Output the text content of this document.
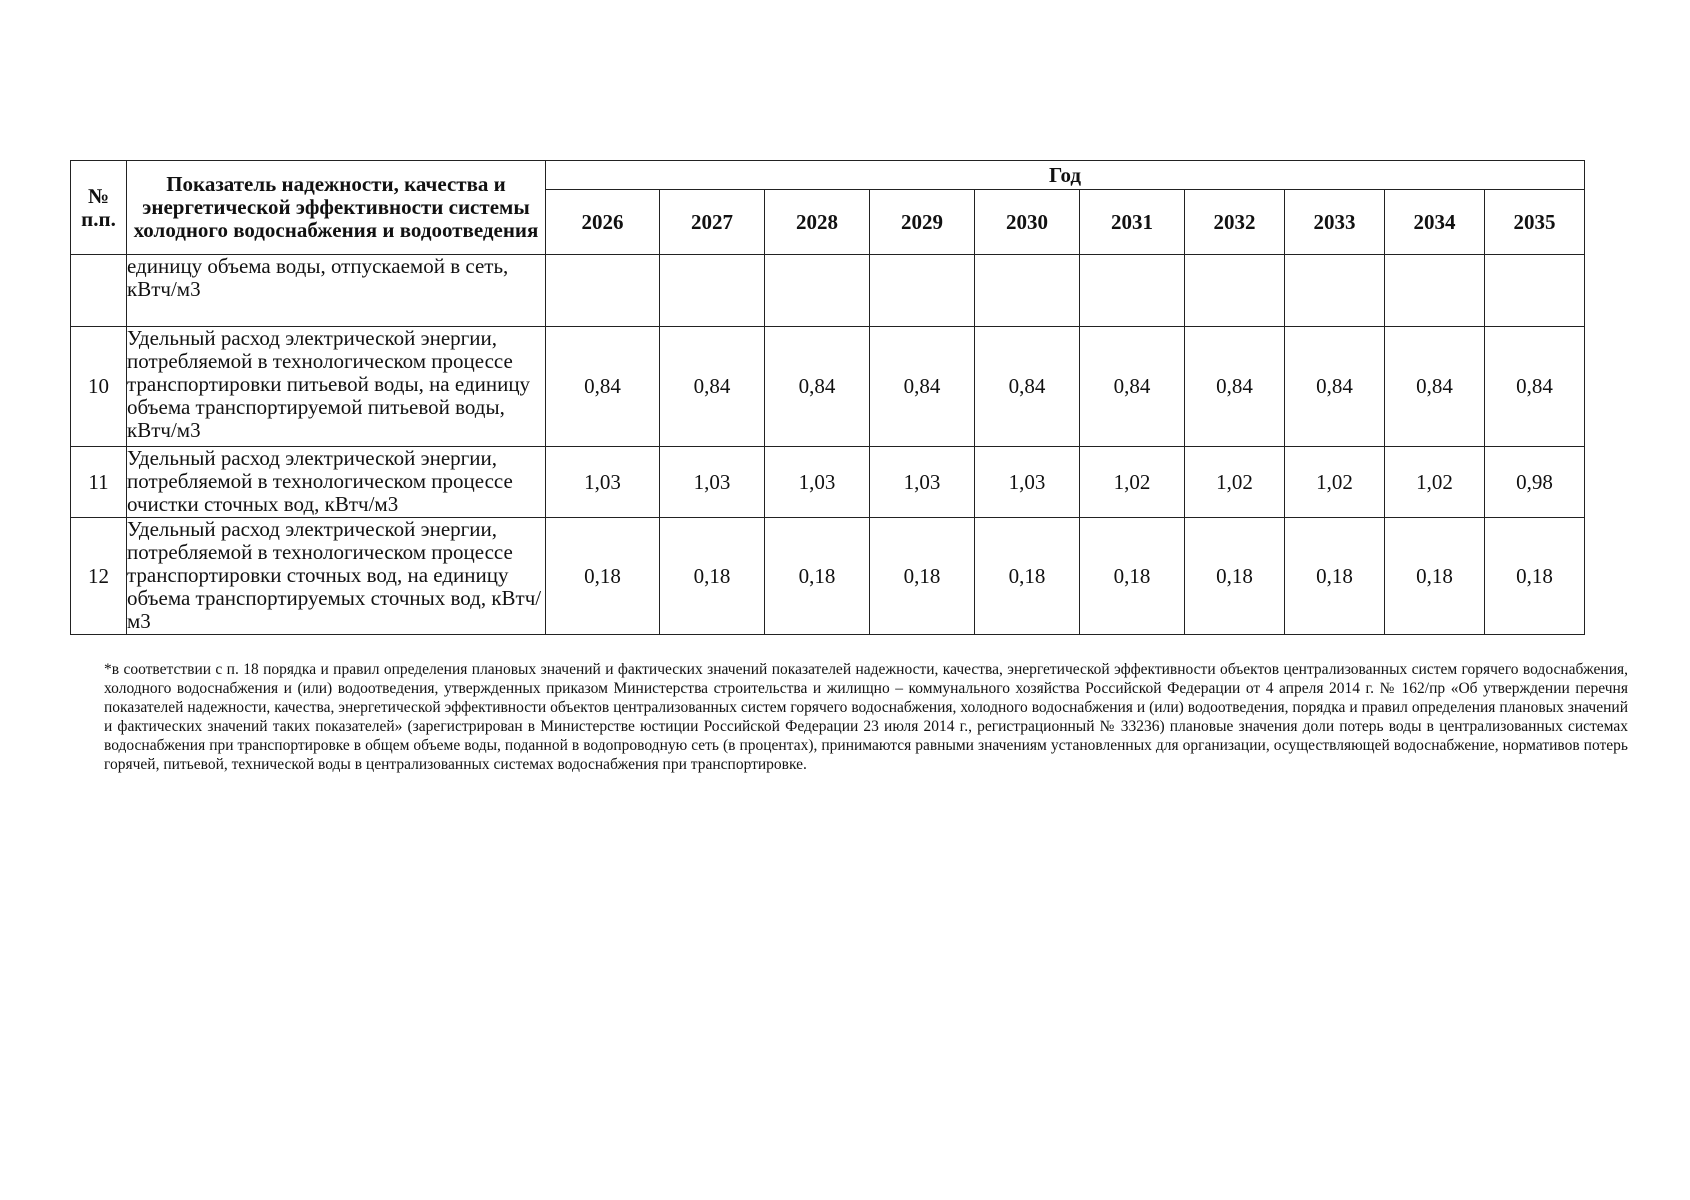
№ п.п.	Показатель надежности, качества и энергетической эффективности системы холодного водоснабжения и водоотведения	Год									
		2026	2027	2028	2029	2030	2031	2032	2033	2034	2035
	единицу объема воды, отпускаемой в сеть, кВтч/м3										
10	Удельный расход электрической энергии, потребляемой в технологическом процессе транспортировки питьевой воды, на единицу объема транспортируемой питьевой воды, кВтч/м3	0,84	0,84	0,84	0,84	0,84	0,84	0,84	0,84	0,84	0,84
11	Удельный расход электрической энергии, потребляемой в технологическом процессе очистки сточных вод, кВтч/м3	1,03	1,03	1,03	1,03	1,03	1,02	1,02	1,02	1,02	0,98
12	Удельный расход электрической энергии, потребляемой в технологическом процессе транспортировки сточных вод, на единицу объема транспортируемых сточных вод, кВтч/м3	0,18	0,18	0,18	0,18	0,18	0,18	0,18	0,18	0,18	0,18

*в соответствии с п. 18 порядка и правил определения плановых значений и фактических значений показателей надежности, качества, энергетической эффективности объектов централизованных систем горячего водоснабжения, холодного водоснабжения и (или) водоотведения, утвержденных приказом Министерства строительства и жилищно – коммунального хозяйства Российской Федерации от 4 апреля 2014 г. № 162/пр «Об утверждении перечня показателей надежности, качества, энергетической эффективности объектов централизованных систем горячего водоснабжения, холодного водоснабжения и (или) водоотведения, порядка и правил определения плановых значений и фактических значений таких показателей» (зарегистрирован в Министерстве юстиции Российской Федерации 23 июля 2014 г., регистрационный № 33236) плановые значения доли потерь воды в централизованных системах водоснабжения при транспортировке в общем объеме воды, поданной в водопроводную сеть (в процентах), принимаются равными значениям установленных для организации, осуществляющей водоснабжение, нормативов потерь горячей, питьевой, технической воды в централизованных системах водоснабжения при транспортировке.
